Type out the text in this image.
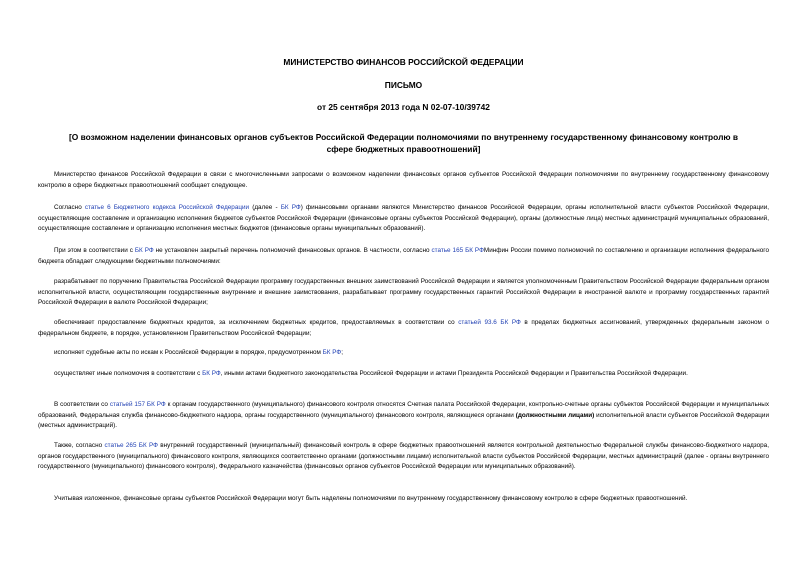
МИНИСТЕРСТВО ФИНАНСОВ РОССИЙСКОЙ ФЕДЕРАЦИИ
ПИСЬМО
от 25 сентября 2013 года N 02-07-10/39742
[О возможном наделении финансовых органов субъектов Российской Федерации полномочиями по внутреннему государственному финансовому контролю в сфере бюджетных правоотношений]

Министерство финансов Российской Федерации в связи с многочисленными запросами о возможном наделении финансовых органов субъектов Российской Федерации полномочиями по внутреннему государственному финансовому контролю в сфере бюджетных правоотношений сообщает следующее.

Согласно статье 6 Бюджетного кодекса Российской Федерации (далее - БК РФ) финансовыми органами являются Министерство финансов Российской Федерации, органы исполнительной власти субъектов Российской Федерации, осуществляющие составление и организацию исполнения бюджетов субъектов Российской Федерации (финансовые органы субъектов Российской Федерации), органы (должностные лица) местных администраций муниципальных образований, осуществляющие составление и организацию исполнения местных бюджетов (финансовые органы муниципальных образований).

При этом в соответствии с БК РФ не установлен закрытый перечень полномочий финансовых органов. В частности, согласно статье 165 БК РФМинфин России помимо полномочий по составлению и организации исполнения федерального бюджета обладает следующими бюджетными полномочиями:

разрабатывает по поручению Правительства Российской Федерации программу государственных внешних заимствований Российской Федерации и является уполномоченным Правительством Российской Федерации федеральным органом исполнительной власти, осуществляющим государственные внутренние и внешние заимствования, разрабатывает программу государственных гарантий Российской Федерации в иностранной валюте и программу государственных гарантий Российской Федерации в валюте Российской Федерации;

обеспечивает предоставление бюджетных кредитов, за исключением бюджетных кредитов, предоставляемых в соответствии со статьей 93.6 БК РФ в пределах бюджетных ассигнований, утвержденных федеральным законом о федеральном бюджете, в порядке, установленном Правительством Российской Федерации;

исполняет судебные акты по искам к Российской Федерации в порядке, предусмотренном БК РФ;

осуществляет иные полномочия в соответствии с БК РФ, иными актами бюджетного законодательства Российской Федерации и актами Президента Российской Федерации и Правительства Российской Федерации.

В соответствии со статьей 157 БК РФ к органам государственного (муниципального) финансового контроля относятся Счетная палата Российской Федерации, контрольно-счетные органы субъектов Российской Федерации и муниципальных образований, Федеральная служба финансово-бюджетного надзора, органы государственного (муниципального) финансового контроля, являющиеся органами (должностными лицами) исполнительной власти субъектов Российской Федерации (местных администраций).

Также, согласно статье 265 БК РФ внутренний государственный (муниципальный) финансовый контроль в сфере бюджетных правоотношений является контрольной деятельностью Федеральной службы финансово-бюджетного надзора, органов государственного (муниципального) финансового контроля, являющихся соответственно органами (должностными лицами) исполнительной власти субъектов Российской Федерации, местных администраций (далее - органы внутреннего государственного (муниципального) финансового контроля), Федерального казначейства (финансовых органов субъектов Российской Федерации или муниципальных образований).

Учитывая изложенное, финансовые органы субъектов Российской Федерации могут быть наделены полномочиями по внутреннему государственному финансовому контролю в сфере бюджетных правоотношений.
